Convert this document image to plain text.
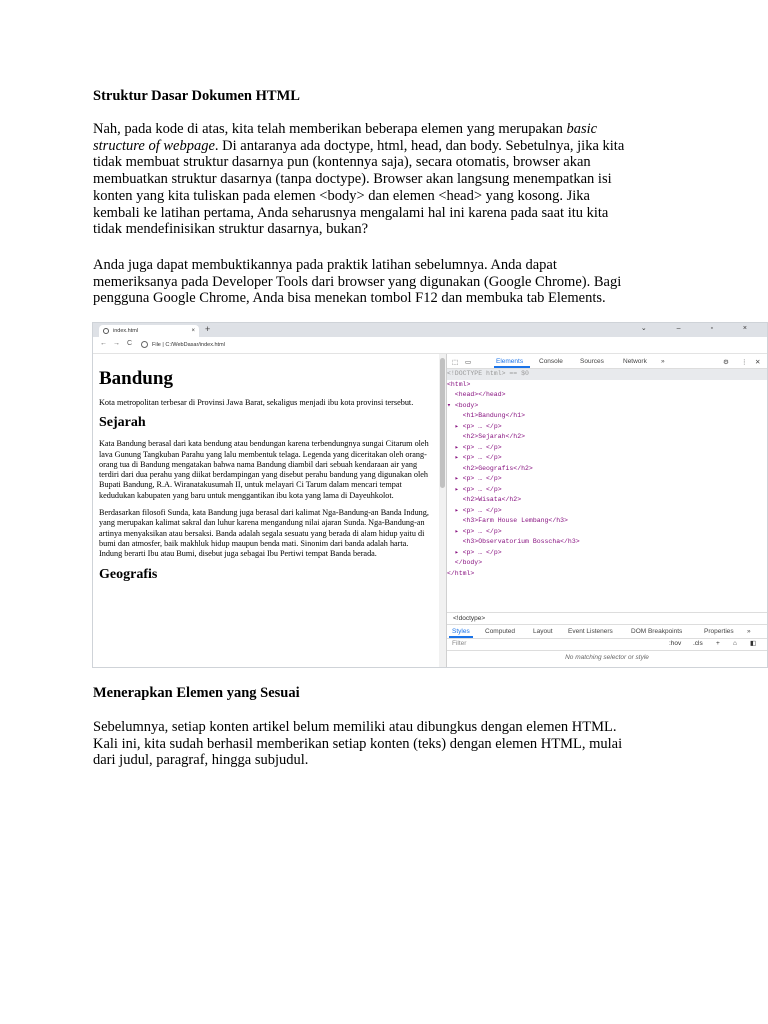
Struktur Dasar Dokumen HTML
Nah, pada kode di atas, kita telah memberikan beberapa elemen yang merupakan basic
structure of webpage. Di antaranya ada doctype, html, head, dan body. Sebetulnya, jika kita
tidak membuat struktur dasarnya pun (kontennya saja), secara otomatis, browser akan
membuatkan struktur dasarnya (tanpa doctype). Browser akan langsung menempatkan isi
konten yang kita tuliskan pada elemen <body> dan elemen <head> yang kosong. Jika
kembali ke latihan pertama, Anda seharusnya mengalami hal ini karena pada saat itu kita
tidak mendefinisikan struktur dasarnya, bukan?
Anda juga dapat membuktikannya pada praktik latihan sebelumnya. Anda dapat
memeriksanya pada Developer Tools dari browser yang digunakan (Google Chrome). Bagi
pengguna Google Chrome, Anda bisa menekan tombol F12 dan membuka tab Elements.
index.html	× +	⌄ – ▫ ×
← → C	File | C:/WebDasar/index.html
Bandung

Kota metropolitan terbesar di Provinsi Jawa Barat, sekaligus menjadi ibu kota provinsi tersebut.

Sejarah

Kata Bandung berasal dari kata bendung atau bendungan karena terbendungnya sungai Citarum oleh lava Gunung Tangkuban Parahu yang lalu membentuk telaga. Legenda yang diceritakan oleh orang-orang tua di Bandung mengatakan bahwa nama Bandung diambil dari sebuah kendaraan air yang terdiri dari dua perahu yang diikat berdampingan yang disebut perahu bandung yang digunakan oleh Bupati Bandung, R.A. Wiranatakusumah II, untuk melayari Ci Tarum dalam mencari tempat kedudukan kabupaten yang baru untuk menggantikan ibu kota yang lama di Dayeuhkolot.

Berdasarkan filosofi Sunda, kata Bandung juga berasal dari kalimat Nga-Bandung-an Banda Indung, yang merupakan kalimat sakral dan luhur karena mengandung nilai ajaran Sunda. Nga-Bandung-an artinya menyaksikan atau bersaksi. Banda adalah segala sesuatu yang berada di alam hidup yaitu di bumi dan atmosfer, baik makhluk hidup maupun benda mati. Sinonim dari banda adalah harta. Indung berarti Ibu atau Bumi, disebut juga sebagai Ibu Pertiwi tempat Banda berada.

Geografis
⬚ ▭	Elements Console	Sources	Network »	⚙ ⋮ ✕
<!DOCTYPE html> == $0
<html>
<head></head>
▾ <body>
<h1>Bandung</h1>
▸ <p> … </p>
<h2>Sejarah</h2>
▸ <p> … </p>
▸ <p> … </p>
<h2>Geografis</h2>
▸ <p> … </p>
▸ <p> … </p>
<h2>Wisata</h2>
▸ <p> … </p>
<h3>Farm House Lembang</h3>
▸ <p> … </p>
<h3>Observatorium Bosscha</h3>
▸ <p> … </p>
</body>
</html>
<!doctype>
Styles Computed	Layout Event Listeners	DOM Breakpoints	Properties »
Filter	:hov .cls + ⌂ ◧
No matching selector or style
Menerapkan Elemen yang Sesuai
Sebelumnya, setiap konten artikel belum memiliki atau dibungkus dengan elemen HTML.
Kali ini, kita sudah berhasil memberikan setiap konten (teks) dengan elemen HTML, mulai
dari judul, paragraf, hingga subjudul.
